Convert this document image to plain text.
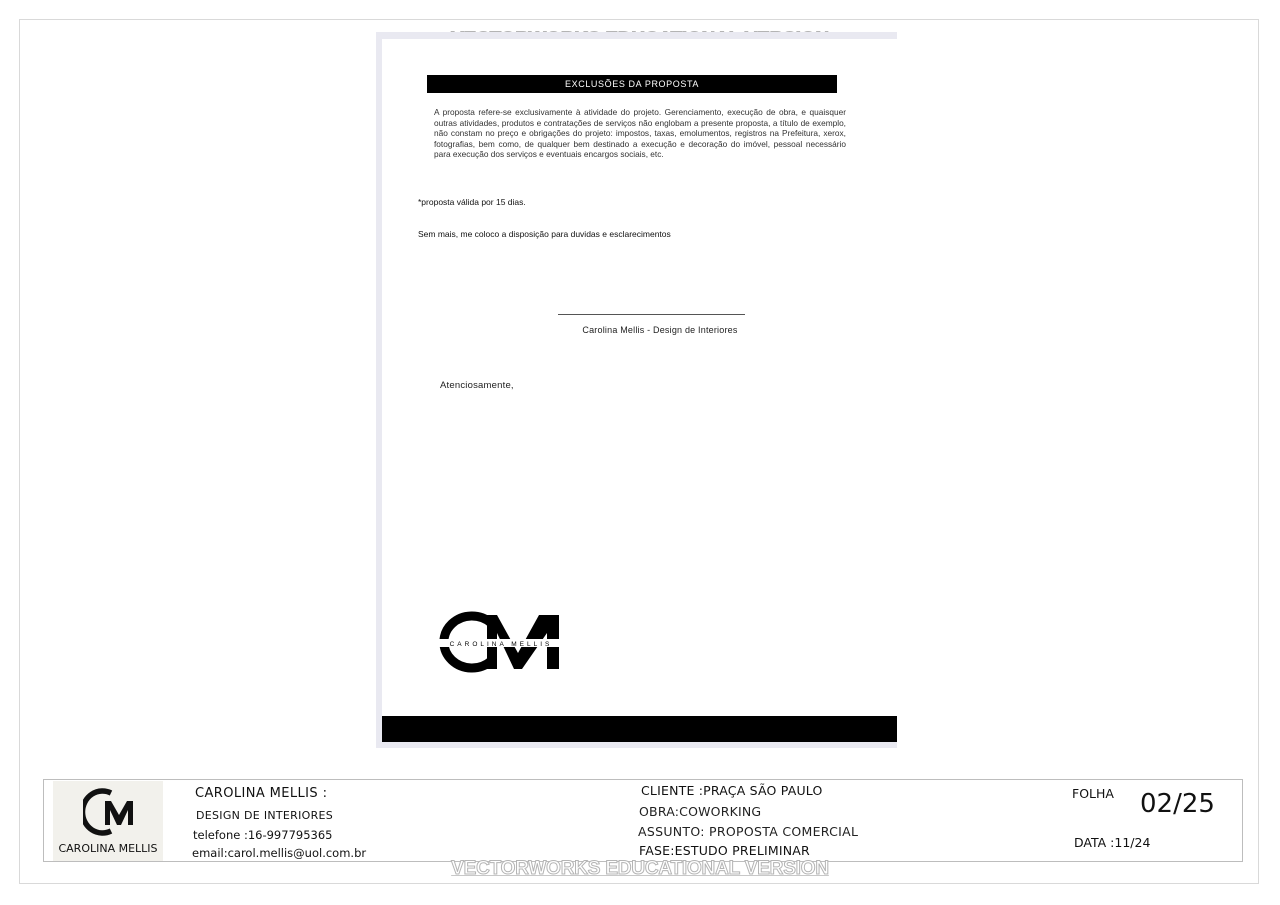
EXCLUSÕES DA PROPOSTA
A proposta refere-se exclusivamente à atividade do projeto. Gerenciamento, execução de obra, e quaisquer outras atividades, produtos e contratações de serviços não englobam a presente proposta, a título de exemplo, não constam no preço e obrigações do projeto: impostos, taxas, emolumentos, registros na Prefeitura, xerox, fotografias, bem como, de qualquer bem destinado a execução e decoração do imóvel, pessoal necessário para execução dos serviços e eventuais encargos sociais, etc.
*proposta válida por 15 dias.
Sem mais, me coloco a disposição para duvidas e esclarecimentos
Carolina Mellis - Design de Interiores
Atenciosamente,
CAROLINA MELLIS
CAROLINA MELLIS
CAROLINA MELLIS :
DESIGN DE INTERIORES
telefone :16-997795365
email:carol.mellis@uol.com.br
CLIENTE :PRAÇA SÃO PAULO
OBRA:COWORKING
ASSUNTO: PROPOSTA COMERCIAL
FASE:ESTUDO PRELIMINAR
FOLHA 02/25
DATA :11/24
VECTORWORKS EDUCATIONAL VERSION
